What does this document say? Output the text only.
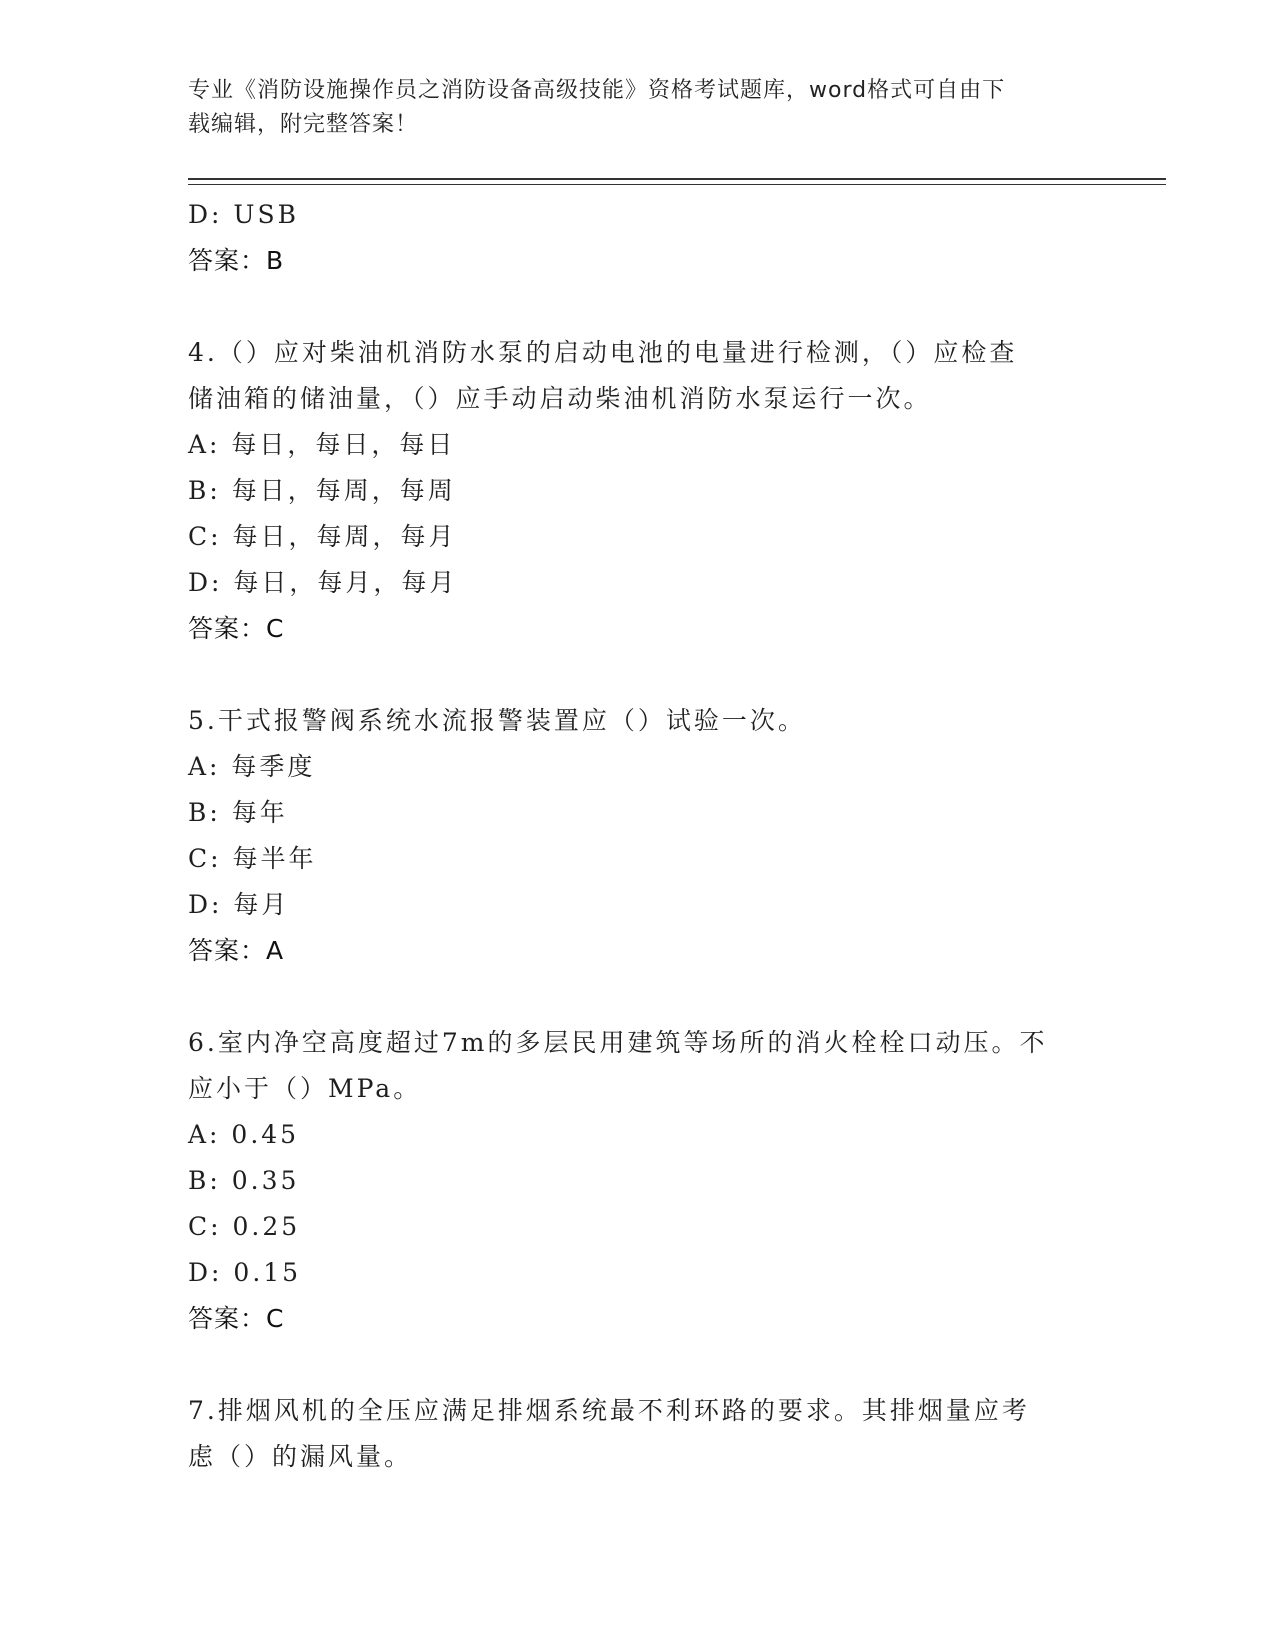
专业《消防设施操作员之消防设备高级技能》资格考试题库，word格式可自由下
载编辑，附完整答案！
D: USB
答案：B
4.（）应对柴油机消防水泵的启动电池的电量进行检测，（）应检查
储油箱的储油量，（）应手动启动柴油机消防水泵运行一次。
A: 每日，每日，每日
B: 每日，每周，每周
C: 每日，每周，每月
D: 每日，每月，每月
答案：C
5.干式报警阀系统水流报警装置应（）试验一次。
A: 每季度
B: 每年
C: 每半年
D: 每月
答案：A
6.室内净空高度超过7m的多层民用建筑等场所的消火栓栓口动压。不
应小于（）MPa。
A: 0.45
B: 0.35
C: 0.25
D: 0.15
答案：C
7.排烟风机的全压应满足排烟系统最不利环路的要求。其排烟量应考
虑（）的漏风量。
